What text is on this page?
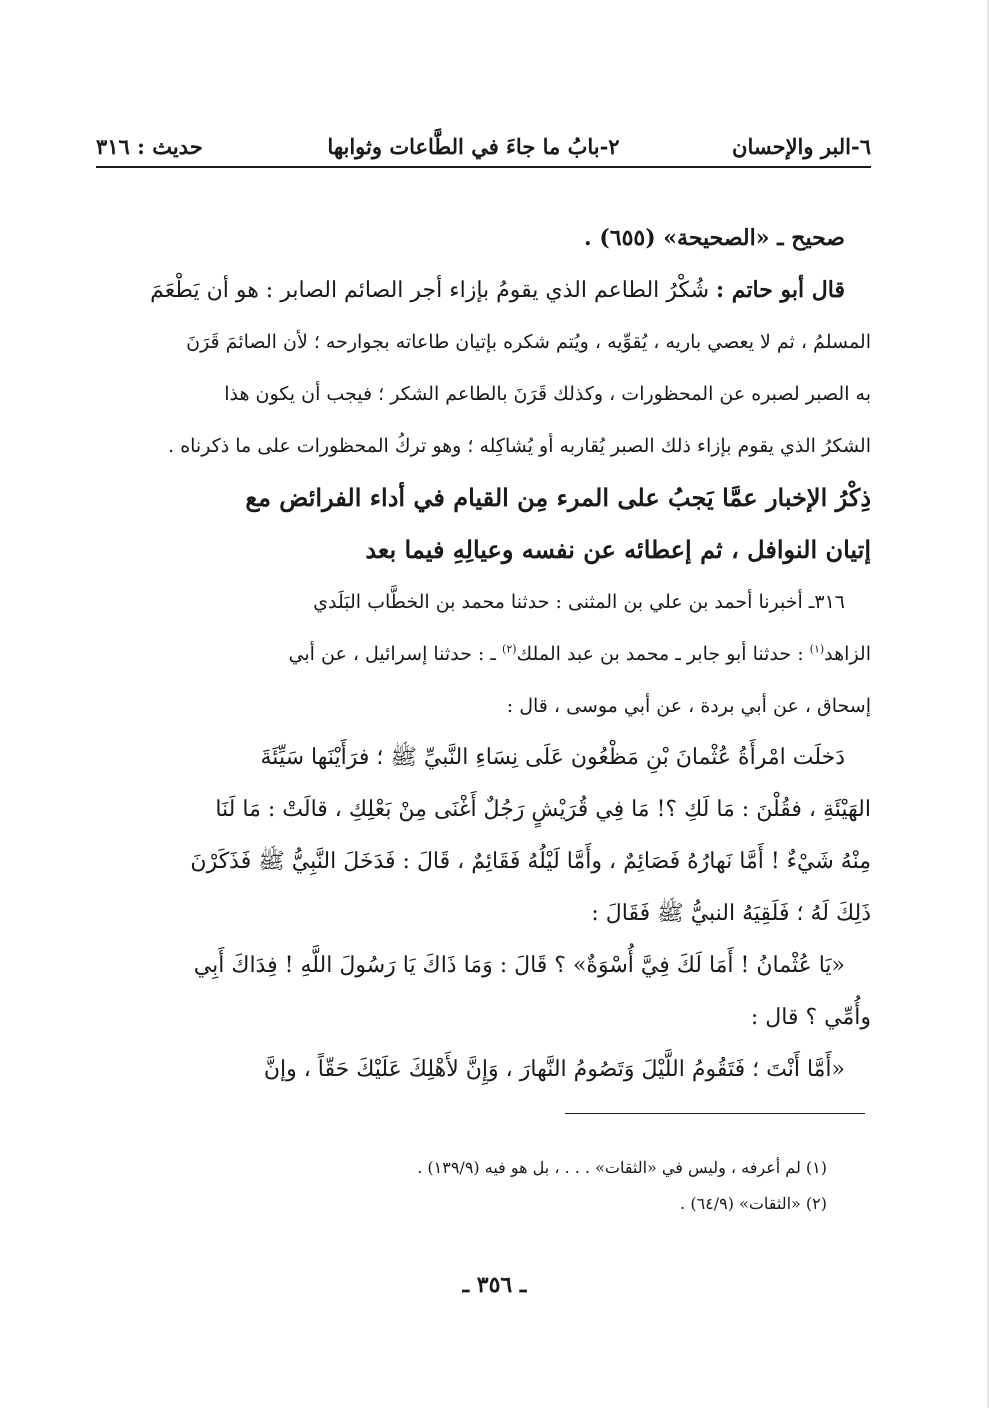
٦-البر والإحسان
٢-بابُ ما جاءَ في الطَّاعات وثوابها
حديث : ٣١٦
صحيح ـ «الصحيحة» (٦٥٥) .
قال أبو حاتم : شُكْرُ الطاعم الذي يقومُ بإزاء أجر الصائم الصابر : هو أن يَطْعَمَ
المسلمُ ، ثم لا يعصي باريه ، يُقوِّيه ، ويُتم شكره بإتيان طاعاته بجوارحه ؛ لأن الصائمَ قَرَنَ
به الصبر لصبره عن المحظورات ، وكذلك قَرَنَ بالطاعم الشكر ؛ فيجب أن يكون هذا
الشكرُ الذي يقوم بإزاء ذلك الصبر يُقاربه أو يُشاكِله ؛ وهو تركُ المحظورات على ما ذكرناه .
ذِكْرُ الإخبار عمَّا يَجبُ على المرء مِن القيام في أداء الفرائض مع
إتيان النوافل ، ثم إعطائه عن نفسه وعيالِهِ فيما بعد
٣١٦ـ أخبرنا أحمد بن علي بن المثنى : حدثنا محمد بن الخطَّاب البَلَدي
الزاهد$^{(١)}$ : حدثنا أبو جابر ـ محمد بن عبد الملك$^{(٢)}$ ـ : حدثنا إسرائيل ، عن أبي
إسحاق ، عن أبي بردة ، عن أبي موسى ، قال :
دَخلَت امْرأَةُ عُثْمانَ بْنِ مَظْعُون عَلَى نِسَاءِ النَّبيِّ ﷺ ؛ فرَأَيْنَها سَيِّئَةَ
الهَيْئَةِ ، فقُلْنَ : مَا لَكِ ؟! مَا فِي قُرَيْشٍ رَجُلٌ أَغْنَى مِنْ بَعْلِكِ ، قالَتْ : مَا لَنَا
مِنْهُ شَيْءٌ ! أَمَّا نَهارُهُ فَصَائِمٌ ، وأَمَّا لَيْلُهُ فَقَائِمٌ ، قَالَ : فَدَخَلَ النَّبِيُّ ﷺ فَذَكَرْنَ
ذَلِكَ لَهُ ؛ فَلَقِيَهُ النبيُّ ﷺ فَقَالَ :
«يَا عُثْمانُ ! أَمَا لَكَ فِيَّ أُسْوَةٌ» ؟ قَالَ : وَمَا ذَاكَ يَا رَسُولَ اللَّهِ ! فِدَاكَ أَبِي
وأُمِّي ؟ قال :
«أَمَّا أَنْتَ ؛ فَتَقُومُ اللَّيْلَ وَتَصُومُ النَّهارَ ، وَإِنَّ لأَهْلِكَ عَلَيْكَ حَقّاً ، وإنَّ
(١) لم أعرفه ، وليس في «الثقات» . . . ، بل هو فيه (١٣٩/٩) .
(٢) «الثقات» (٦٤/٩) .
ـ ٣٥٦ ـ
